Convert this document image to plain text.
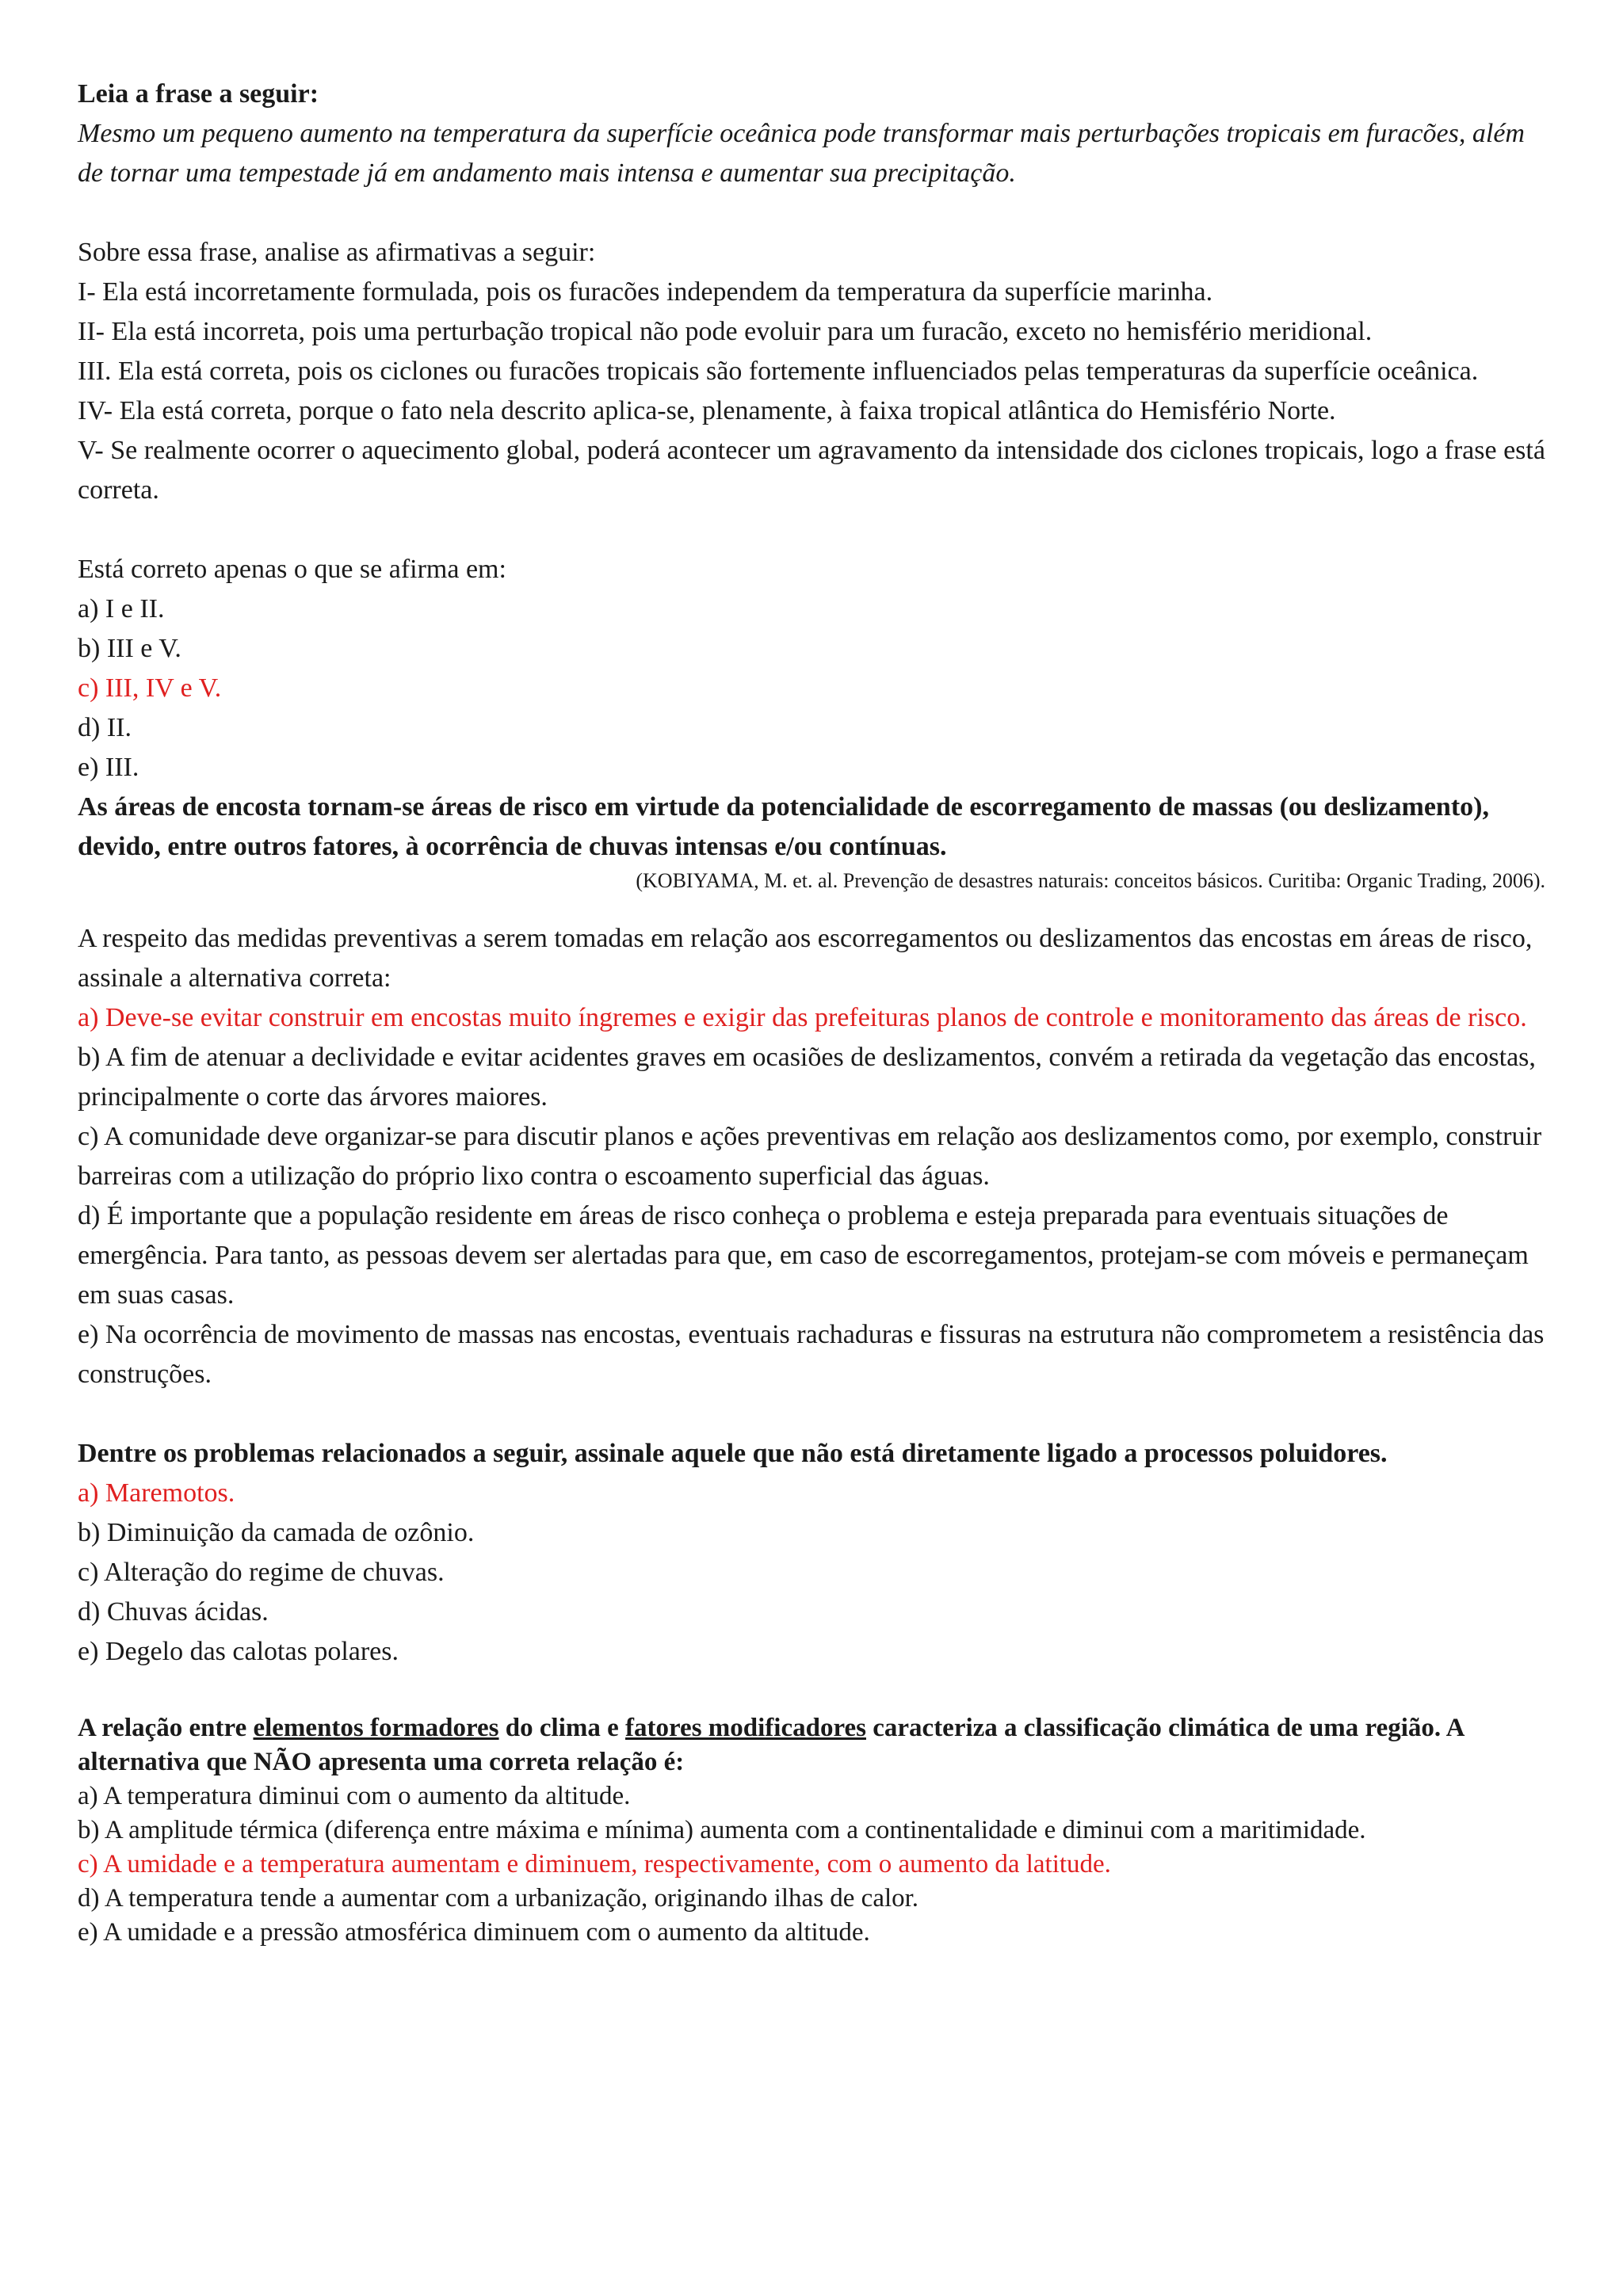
Leia a frase a seguir:

Mesmo um pequeno aumento na temperatura da superfície oceânica pode transformar mais perturbações tropicais em furacões, além de tornar uma tempestade já em andamento mais intensa e aumentar sua precipitação.

Sobre essa frase, analise as afirmativas a seguir:

I- Ela está incorretamente formulada, pois os furacões independem da temperatura da superfície marinha.

II- Ela está incorreta, pois uma perturbação tropical não pode evoluir para um furacão, exceto no hemisfério meridional.

III. Ela está correta, pois os ciclones ou furacões tropicais são fortemente influenciados pelas temperaturas da superfície oceânica.

IV- Ela está correta, porque o fato nela descrito aplica-se, plenamente, à faixa tropical atlântica do Hemisfério Norte.

V- Se realmente ocorrer o aquecimento global, poderá acontecer um agravamento da intensidade dos ciclones tropicais, logo a frase está correta.

Está correto apenas o que se afirma em:

a) I e II.

b) III e V.

c) III, IV e V.

d) II.

e) III.

As áreas de encosta tornam-se áreas de risco em virtude da potencialidade de escorregamento de massas (ou deslizamento), devido, entre outros fatores, à ocorrência de chuvas intensas e/ou contínuas.

(KOBIYAMA, M. et. al. Prevenção de desastres naturais: conceitos básicos. Curitiba: Organic Trading, 2006).

A respeito das medidas preventivas a serem tomadas em relação aos escorregamentos ou deslizamentos das encostas em áreas de risco, assinale a alternativa correta:

a) Deve-se evitar construir em encostas muito íngremes e exigir das prefeituras planos de controle e monitoramento das áreas de risco.

b) A fim de atenuar a declividade e evitar acidentes graves em ocasiões de deslizamentos, convém a retirada da vegetação das encostas, principalmente o corte das árvores maiores.

c) A comunidade deve organizar-se para discutir planos e ações preventivas em relação aos deslizamentos como, por exemplo, construir barreiras com a utilização do próprio lixo contra o escoamento superficial das águas.

d) É importante que a população residente em áreas de risco conheça o problema e esteja preparada para eventuais situações de emergência. Para tanto, as pessoas devem ser alertadas para que, em caso de escorregamentos, protejam-se com móveis e permaneçam em suas casas.

e) Na ocorrência de movimento de massas nas encostas, eventuais rachaduras e fissuras na estrutura não comprometem a resistência das construções.

Dentre os problemas relacionados a seguir, assinale aquele que não está diretamente ligado a processos poluidores.

a) Maremotos.

b) Diminuição da camada de ozônio.

c) Alteração do regime de chuvas.

d) Chuvas ácidas.

e) Degelo das calotas polares.

A relação entre elementos formadores do clima e fatores modificadores caracteriza a classificação climática de uma região. A alternativa que NÃO apresenta uma correta relação é:

a) A temperatura diminui com o aumento da altitude.

b) A amplitude térmica (diferença entre máxima e mínima) aumenta com a continentalidade e diminui com a maritimidade.

c) A umidade e a temperatura aumentam e diminuem, respectivamente, com o aumento da latitude.

d) A temperatura tende a aumentar com a urbanização, originando ilhas de calor.

e) A umidade e a pressão atmosférica diminuem com o aumento da altitude.
